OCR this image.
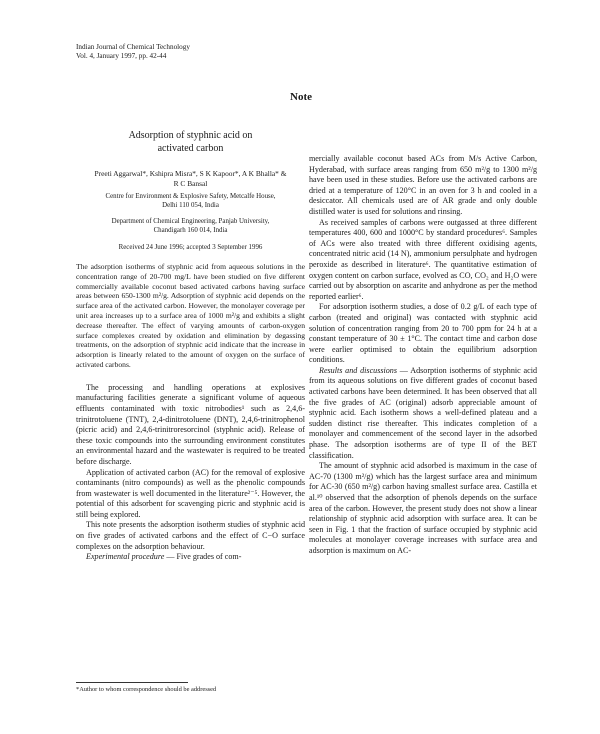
Indian Journal of Chemical Technology
Vol. 4, January 1997, pp. 42-44
Note

Adsorption of styphnic acid on

activated carbon

Preeti Aggarwal*, Kshipra Misra*, S K Kapoor*, A K Bhalla* &

R C Bansal

Centre for Environment & Explosive Safety, Metcalfe House,

Delhi 110 054, India

Department of Chemical Engineering, Panjab University,

Chandigarh 160 014, India

Received 24 June 1996; accepted 3 September 1996

The adsorption isotherms of styphnic acid from aqueous solutions in the concentration range of 20-700 mg/L have been studied on five different commercially available coconut based activated carbons having surface areas between 650-1300 m²/g. Adsorption of styphnic acid depends on the surface area of the activated carbon. However, the monolayer coverage per unit area increases up to a surface area of 1000 m²/g and exhibits a slight decrease thereafter. The effect of varying amounts of carbon-oxygen surface complexes created by oxidation and elimination by degassing treatments, on the adsorption of styphnic acid indicate that the increase in adsorption is linearly related to the amount of oxygen on the surface of activated carbons.

The processing and handling operations at explosives manufacturing facilities generate a significant volume of aqueous effluents contaminated with toxic nitrobodies¹ such as 2,4,6-trinitrotoluene (TNT), 2,4-dinitrotoluene (DNT), 2,4,6-trinitrophenol (picric acid) and 2,4,6-trinitroresorcinol (styphnic acid). Release of these toxic compounds into the surrounding environment constitutes an environmental hazard and the wastewater is required to be treated before discharge.

Application of activated carbon (AC) for the removal of explosive contaminants (nitro compounds) as well as the phenolic compounds from wastewater is well documented in the literature²⁻⁵. However, the potential of this adsorbent for scavenging picric and styphnic acid is still being explored.

This note presents the adsorption isotherm studies of styphnic acid on five grades of activated carbons and the effect of C−O surface complexes on the adsorption behaviour.

Experimental procedure — Five grades of com-

*Author to whom correspondence should be addressed

mercially available coconut based ACs from M/s Active Carbon, Hyderabad, with surface areas ranging from 650 m²/g to 1300 m²/g have been used in these studies. Before use the activated carbons are dried at a temperature of 120°C in an oven for 3 h and cooled in a desiccator. All chemicals used are of AR grade and only double distilled water is used for solutions and rinsing.

As received samples of carbons were outgassed at three different temperatures 400, 600 and 1000°C by standard procedures⁶. Samples of ACs were also treated with three different oxidising agents, concentrated nitric acid (14 N), ammonium persulphate and hydrogen peroxide as described in literature⁶. The quantitative estimation of oxygen content on carbon surface, evolved as CO, CO₂ and H₂O were carried out by absorption on ascarite and anhydrone as per the method reported earlier⁶.

For adsorption isotherm studies, a dose of 0.2 g/L of each type of carbon (treated and original) was contacted with styphnic acid solution of concentration ranging from 20 to 700 ppm for 24 h at a constant temperature of 30 ± 1°C. The contact time and carbon dose were earlier optimised to obtain the equilibrium adsorption conditions.

Results and discussions — Adsorption isotherms of styphnic acid from its aqueous solutions on five different grades of coconut based activated carbons have been determined. It has been observed that all the five grades of AC (original) adsorb appreciable amount of styphnic acid. Each isotherm shows a well-defined plateau and a sudden distinct rise thereafter. This indicates completion of a monolayer and commencement of the second layer in the adsorbed phase. The adsorption isotherms are of type II of the BET classification.

The amount of styphnic acid adsorbed is maximum in the case of AC-70 (1300 m²/g) which has the largest surface area and minimum for AC-30 (650 m²/g) carbon having smallest surface area. Castilla et al.¹⁰ observed that the adsorption of phenols depends on the surface area of the carbon. However, the present study does not show a linear relationship of styphnic acid adsorption with surface area. It can be seen in Fig. 1 that the fraction of surface occupied by styphnic acid molecules at monolayer coverage increases with surface area and adsorption is maximum on AC-
